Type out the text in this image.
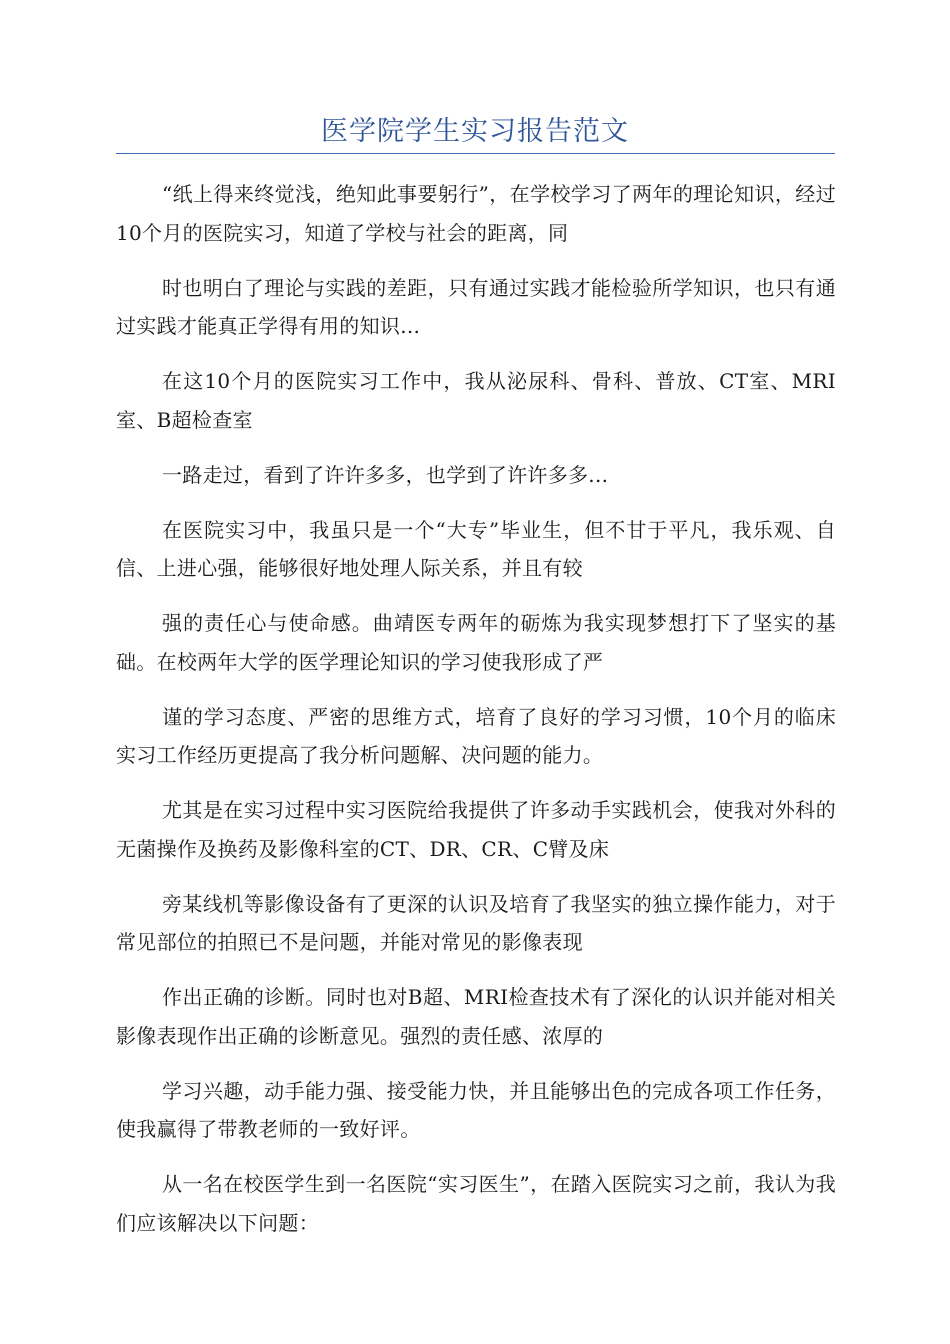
医学院学生实习报告范文

“纸上得来终觉浅，绝知此事要躬行”，在学校学习了两年的理论知识，经过10个月的医院实习，知道了学校与社会的距离，同

时也明白了理论与实践的差距，只有通过实践才能检验所学知识，也只有通过实践才能真正学得有用的知识...

在这10个月的医院实习工作中，我从泌尿科、骨科、普放、CT室、MRI室、B超检查室

一路走过，看到了许许多多，也学到了许许多多...

在医院实习中，我虽只是一个“大专”毕业生，但不甘于平凡，我乐观、自信、上进心强，能够很好地处理人际关系，并且有较

强的责任心与使命感。曲靖医专两年的砺炼为我实现梦想打下了坚实的基础。在校两年大学的医学理论知识的学习使我形成了严

谨的学习态度、严密的思维方式，培育了良好的学习习惯，10个月的临床实习工作经历更提高了我分析问题解、决问题的能力。

尤其是在实习过程中实习医院给我提供了许多动手实践机会，使我对外科的无菌操作及换药及影像科室的CT、DR、CR、C臂及床

旁某线机等影像设备有了更深的认识及培育了我坚实的独立操作能力，对于常见部位的拍照已不是问题，并能对常见的影像表现

作出正确的诊断。同时也对B超、MRI检查技术有了深化的认识并能对相关影像表现作出正确的诊断意见。强烈的责任感、浓厚的

学习兴趣，动手能力强、接受能力快，并且能够出色的完成各项工作任务，使我赢得了带教老师的一致好评。

从一名在校医学生到一名医院“实习医生”，在踏入医院实习之前，我认为我们应该解决以下问题：
